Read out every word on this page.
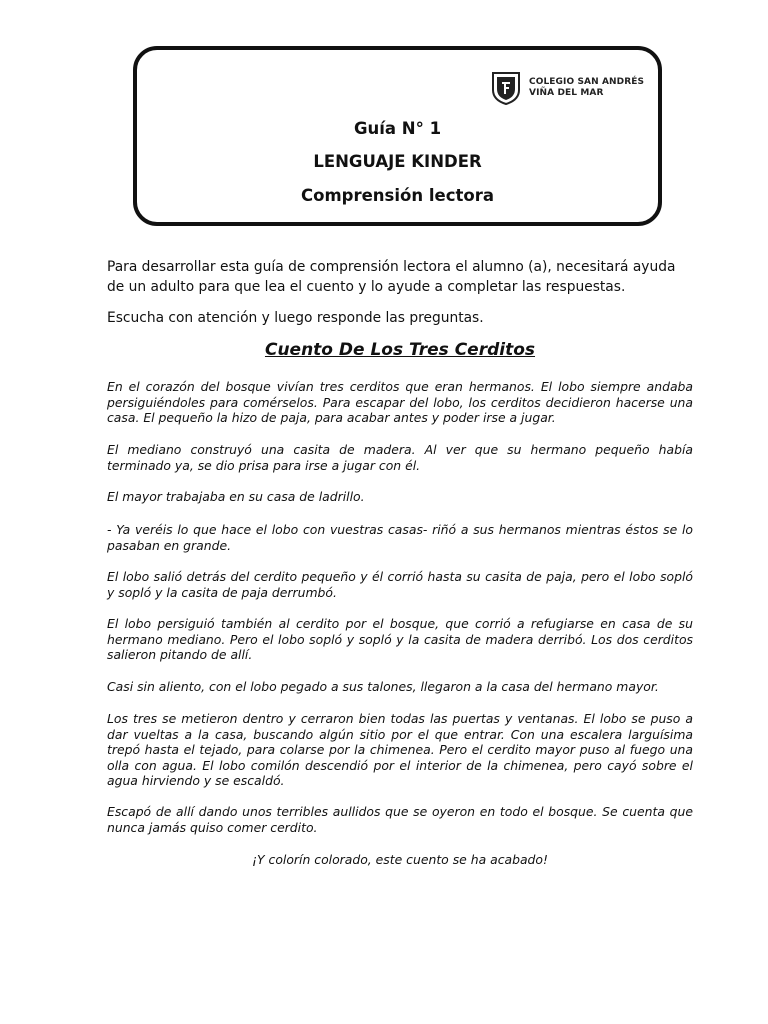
COLEGIO SAN ANDRÉS
VIÑA DEL MAR
Guía N° 1
LENGUAJE KINDER
Comprensión lectora
Para desarrollar esta guía de comprensión lectora el alumno (a), necesitará ayuda de un adulto para que lea el cuento y lo ayude a completar las respuestas.
Escucha con atención y luego responde las preguntas.
Cuento De Los Tres Cerditos
En el corazón del bosque vivían tres cerditos que eran hermanos. El lobo siempre andaba persiguiéndoles para comérselos. Para escapar del lobo, los cerditos decidieron hacerse una casa. El pequeño la hizo de paja, para acabar antes y poder irse a jugar.
El mediano construyó una casita de madera. Al ver que su hermano pequeño había terminado ya, se dio prisa para irse a jugar con él.
El mayor trabajaba en su casa de ladrillo.
- Ya veréis lo que hace el lobo con vuestras casas- riñó a sus hermanos mientras éstos se lo pasaban en grande.
El lobo salió detrás del cerdito pequeño y él corrió hasta su casita de paja, pero el lobo sopló y sopló y la casita de paja derrumbó.
El lobo persiguió también al cerdito por el bosque, que corrió a refugiarse en casa de su hermano mediano. Pero el lobo sopló y sopló y la casita de madera derribó. Los dos cerditos salieron pitando de allí.
Casi sin aliento, con el lobo pegado a sus talones, llegaron a la casa del hermano mayor.
Los tres se metieron dentro y cerraron bien todas las puertas y ventanas. El lobo se puso a dar vueltas a la casa, buscando algún sitio por el que entrar. Con una escalera larguísima trepó hasta el tejado, para colarse por la chimenea. Pero el cerdito mayor puso al fuego una olla con agua. El lobo comilón descendió por el interior de la chimenea, pero cayó sobre el agua hirviendo y se escaldó.
Escapó de allí dando unos terribles aullidos que se oyeron en todo el bosque. Se cuenta que nunca jamás quiso comer cerdito.
¡Y colorín colorado, este cuento se ha acabado!
